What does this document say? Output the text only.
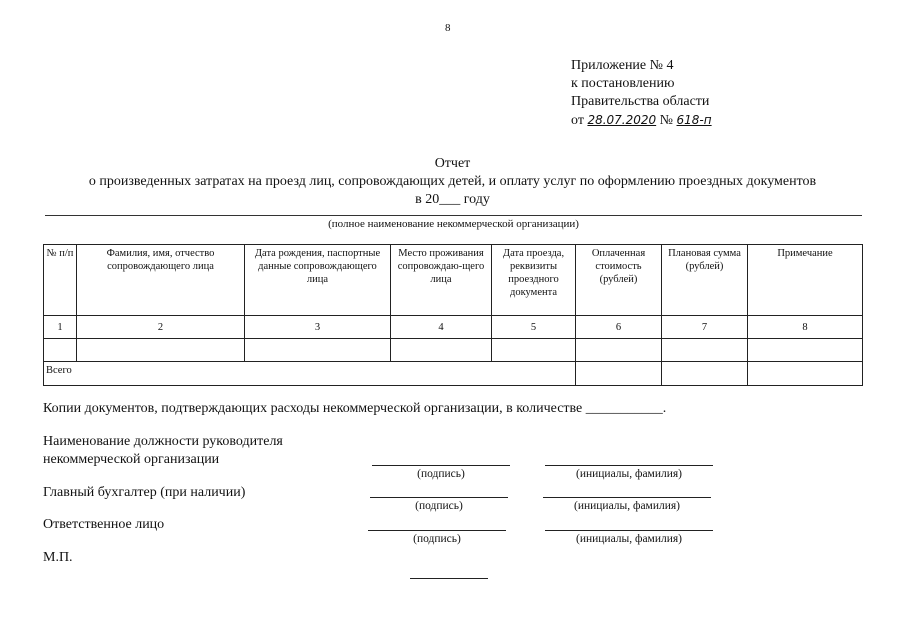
8
Приложение № 4
к постановлению
Правительства области
от 28.07.2020 № 618-п
Отчет
о произведенных затратах на проезд лиц, сопровождающих детей, и оплату услуг по оформлению проездных документов
в 20___ году
(полное наименование некоммерческой организации)
№ п/п	Фамилия, имя, отчество сопровождающего лица	Дата рождения, паспортные данные сопровождающего лица	Место проживания сопровождаю-щего лица	Дата проезда, реквизиты проездного документа	Оплаченная стоимость (рублей)	Плановая сумма (рублей)	Примечание
1	2	3	4	5	6	7	8

Всего							
Копии документов, подтверждающих расходы некоммерческой организации, в количестве ___________.
Наименование должности руководителя
некоммерческой организации
(подпись)	(инициалы, фамилия)
Главный бухгалтер (при наличии)
(подпись)	(инициалы, фамилия)
Ответственное лицо
(подпись)	(инициалы, фамилия)
М.П.
